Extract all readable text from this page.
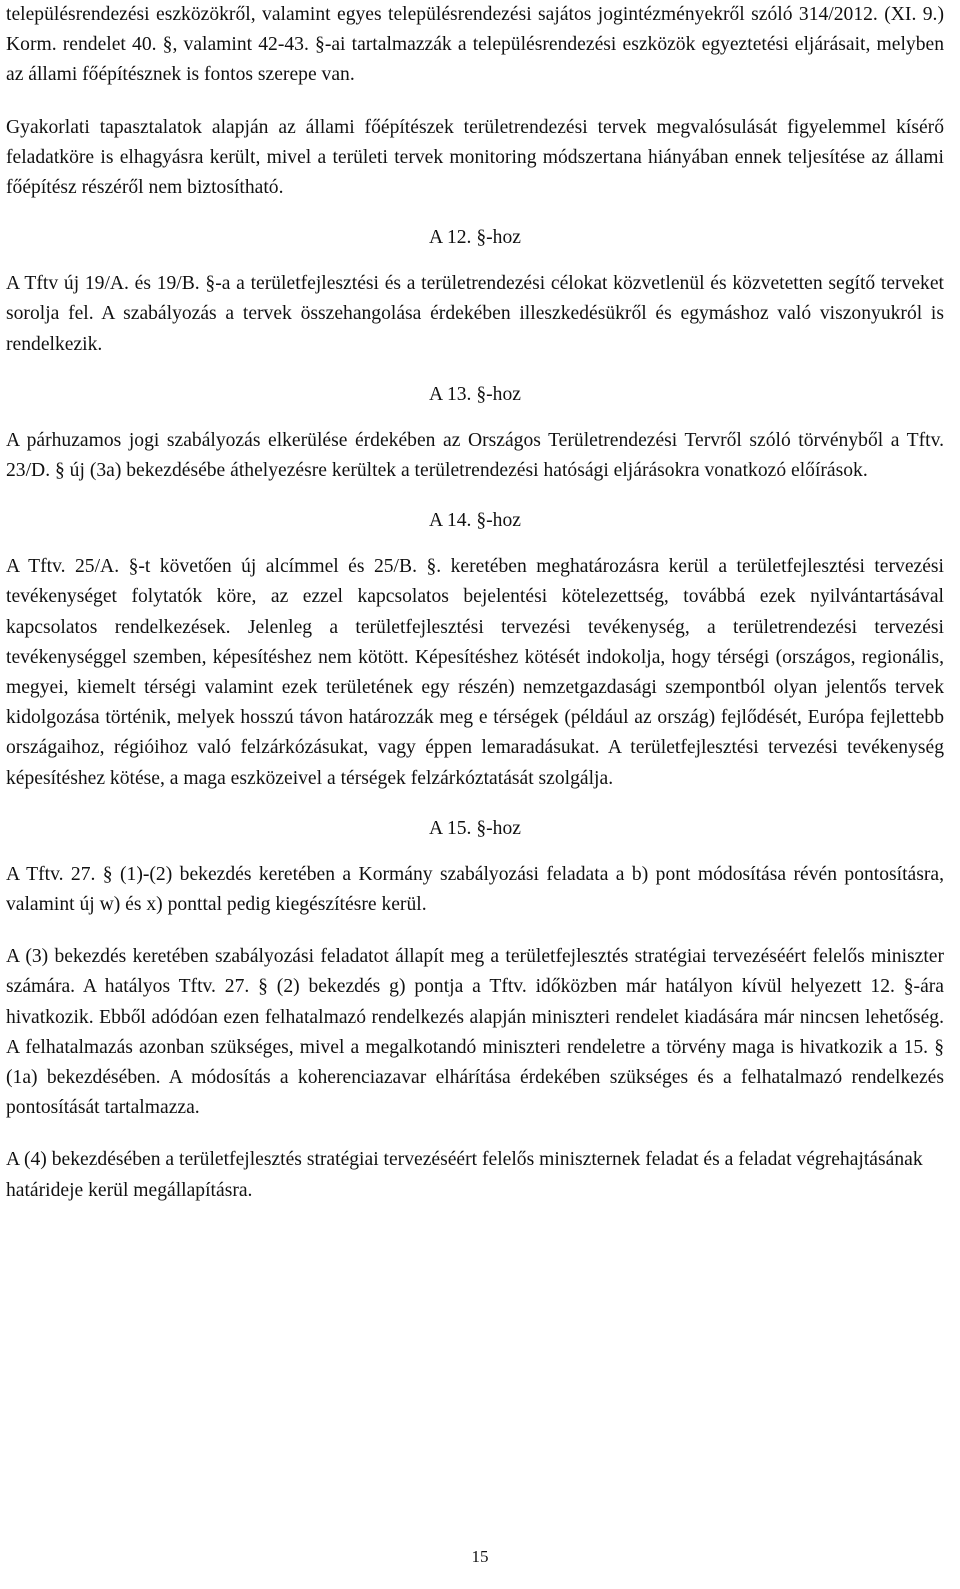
településrendezési eszközökről, valamint egyes településrendezési sajátos jogintézményekről szóló 314/2012. (XI. 9.) Korm. rendelet 40. §, valamint 42-43. §-ai tartalmazzák a településrendezési eszközök egyeztetési eljárásait, melyben az állami főépítésznek is fontos szerepe van.

Gyakorlati tapasztalatok alapján az állami főépítészek területrendezési tervek megvalósulását figyelemmel kísérő feladatköre is elhagyásra került, mivel a területi tervek monitoring módszertana hiányában ennek teljesítése az állami főépítész részéről nem biztosítható.

A 12. §-hoz

A Tftv új 19/A. és 19/B. §-a a területfejlesztési és a területrendezési célokat közvetlenül és közvetetten segítő terveket sorolja fel. A szabályozás a tervek összehangolása érdekében illeszkedésükről és egymáshoz való viszonyukról is rendelkezik.

A 13. §-hoz

A párhuzamos jogi szabályozás elkerülése érdekében az Országos Területrendezési Tervről szóló törvényből a Tftv. 23/D. § új (3a) bekezdésébe áthelyezésre kerültek a területrendezési hatósági eljárásokra vonatkozó előírások.

A 14. §-hoz

A Tftv. 25/A. §-t követően új alcímmel és 25/B. §. keretében meghatározásra kerül a területfejlesztési tervezési tevékenységet folytatók köre, az ezzel kapcsolatos bejelentési kötelezettség, továbbá ezek nyilvántartásával kapcsolatos rendelkezések. Jelenleg a területfejlesztési tervezési tevékenység, a területrendezési tervezési tevékenységgel szemben, képesítéshez nem kötött. Képesítéshez kötését indokolja, hogy térségi (országos, regionális, megyei, kiemelt térségi valamint ezek területének egy részén) nemzetgazdasági szempontból olyan jelentős tervek kidolgozása történik, melyek hosszú távon határozzák meg e térségek (például az ország) fejlődését, Európa fejlettebb országaihoz, régióihoz való felzárkózásukat, vagy éppen lemaradásukat. A területfejlesztési tervezési tevékenység képesítéshez kötése, a maga eszközeivel a térségek felzárkóztatását szolgálja.

A 15. §-hoz

A Tftv. 27. § (1)-(2) bekezdés keretében a Kormány szabályozási feladata a b) pont módosítása révén pontosításra, valamint új w) és x) ponttal pedig kiegészítésre kerül.

A (3) bekezdés keretében szabályozási feladatot állapít meg a területfejlesztés stratégiai tervezéséért felelős miniszter számára. A hatályos Tftv. 27. § (2) bekezdés g) pontja a Tftv. időközben már hatályon kívül helyezett 12. §-ára hivatkozik. Ebből adódóan ezen felhatalmazó rendelkezés alapján miniszteri rendelet kiadására már nincsen lehetőség. A felhatalmazás azonban szükséges, mivel a megalkotandó miniszteri rendeletre a törvény maga is hivatkozik a 15. § (1a) bekezdésében. A módosítás a koherenciazavar elhárítása érdekében szükséges és a felhatalmazó rendelkezés pontosítását tartalmazza.

A (4) bekezdésében a területfejlesztés stratégiai tervezéséért felelős miniszternek feladat és a feladat végrehajtásának határideje kerül megállapításra.

15
